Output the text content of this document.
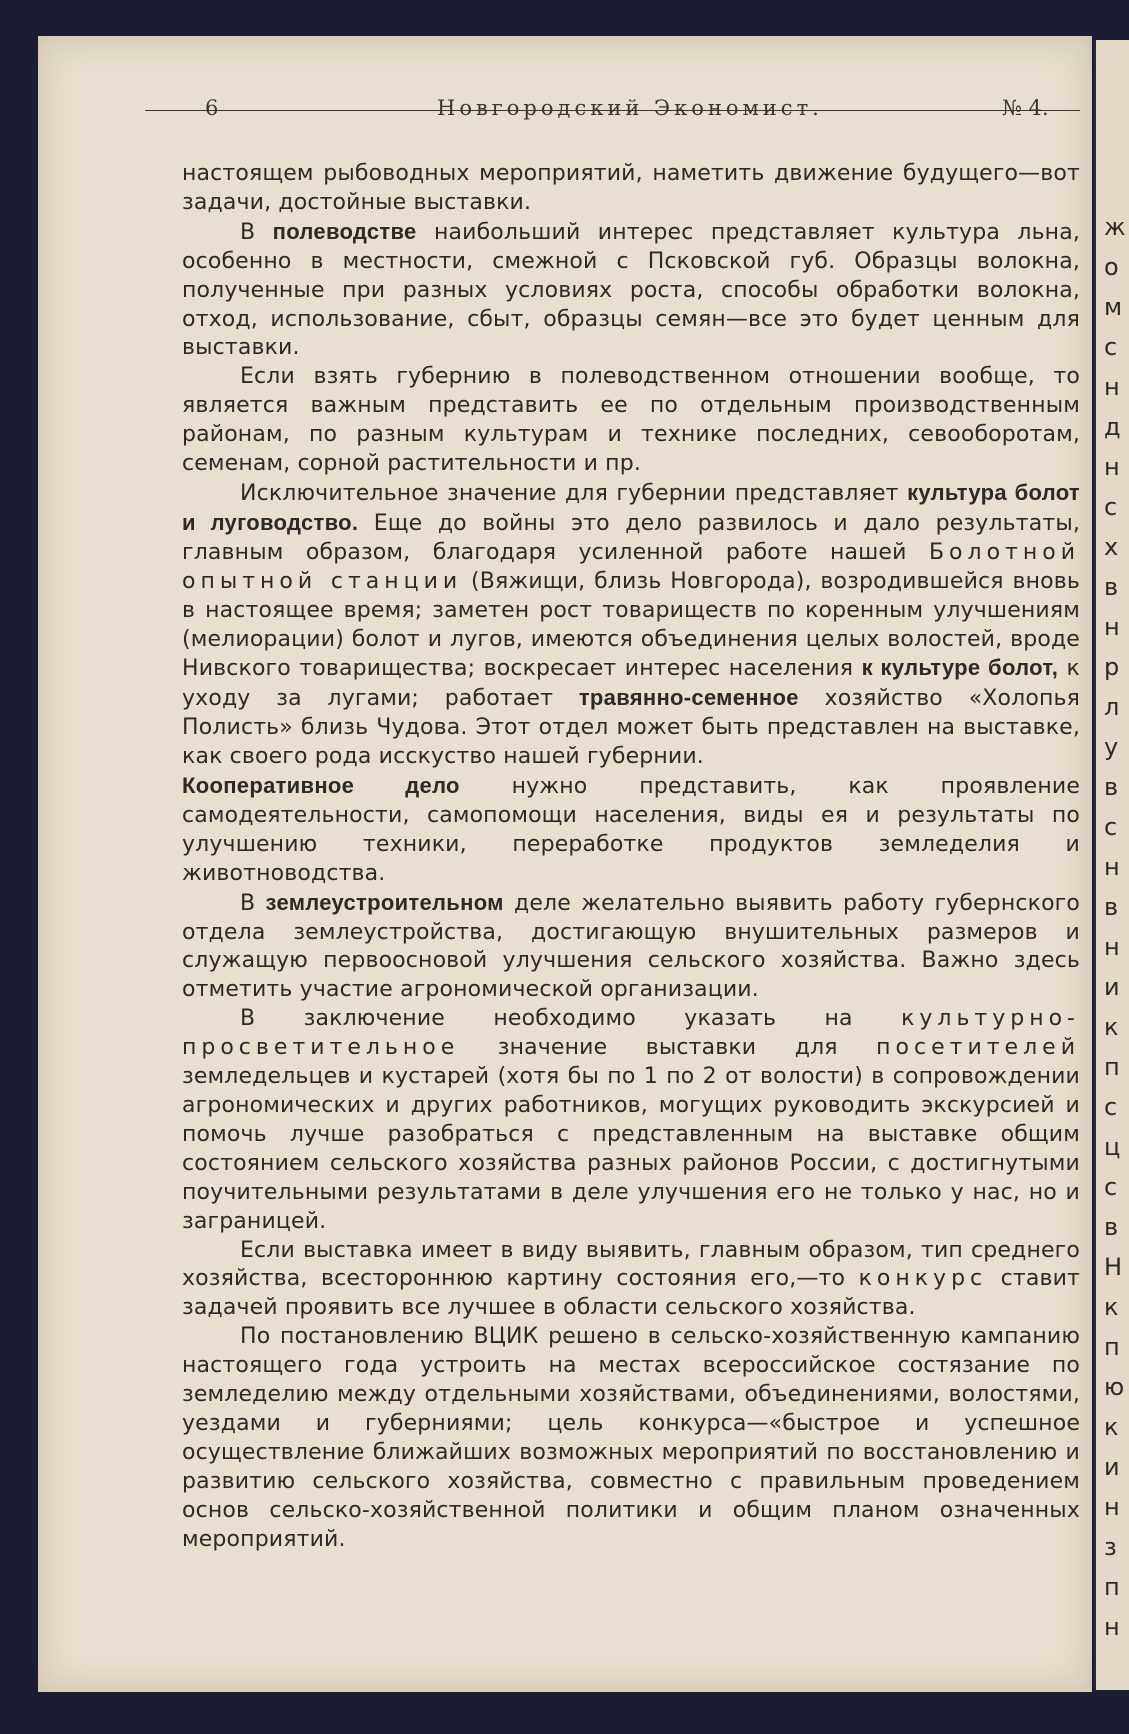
ж
о
м
с
н
д
н
с
х
в
н
р
л
у
в
с
н
в
н
и
к
п
с
ц
с
в
Н
к
п
ю
к
и
н
з
п
н
6	Новгородский Экономист.	№ 4.
настоящем рыбоводных мероприятий, наметить движение будущего—вот задачи, достойные выставки.
В полеводстве наибольший интерес представляет культура льна, особенно в местности, смежной с Псковской губ. Образцы волокна, полученные при разных условиях роста, способы обработки волокна, отход, использование, сбыт, образцы семян—все это будет ценным для выставки.
Если взять губернию в полеводственном отношении вообще, то является важным представить ее по отдельным производственным районам, по разным культурам и технике последних, севооборотам, семенам, сорной растительности и пр.
Исключительное значение для губернии представляет культура болот и луговодство. Еще до войны это дело развилось и дало результаты, главным образом, благодаря усиленной работе нашей Болотной опытной станции (Вяжищи, близь Новгорода), возродившейся вновь в настоящее время; заметен рост товариществ по коренным улучшениям (мелиорации) болот и лугов, имеются объединения целых волостей, вроде Нивского товарищества; воскресает интерес населения к культуре болот, к уходу за лугами; работает травянно-семенное хозяйство «Холопья Полисть» близь Чудова. Этот отдел может быть представлен на выставке, как своего рода исскуство нашей губернии.
Кооперативное дело нужно представить, как проявление самодеятельности, самопомощи населения, виды ея и результаты по улучшению техники, переработке продуктов земледелия и животноводства.
В землеустроительном деле желательно выявить работу губернского отдела землеустройства, достигающую внушительных размеров и служащую первоосновой улучшения сельского хозяйства. Важно здесь отметить участие агрономической организации.
В заключение необходимо указать на культурно-просветительное значение выставки для посетителей земледельцев и кустарей (хотя бы по 1 по 2 от волости) в сопровождении агрономических и других работников, могущих руководить экскурсией и помочь лучше разобраться с представленным на выставке общим состоянием сельского хозяйства разных районов России, с достигнутыми поучительными результатами в деле улучшения его не только у нас, но и заграницей.
Если выставка имеет в виду выявить, главным образом, тип среднего хозяйства, всестороннюю картину состояния его,—то конкурс ставит задачей проявить все лучшее в области сельского хозяйства.
По постановлению ВЦИК решено в сельско-хозяйственную кампанию настоящего года устроить на местах всероссийское состязание по земледелию между отдельными хозяйствами, объединениями, волостями, уездами и губерниями; цель конкурса—«быстрое и успешное осуществление ближайших возможных мероприятий по восстановлению и развитию сельского хозяйства, совместно с правильным проведением основ сельско-хозяйственной политики и общим планом означенных мероприятий.
